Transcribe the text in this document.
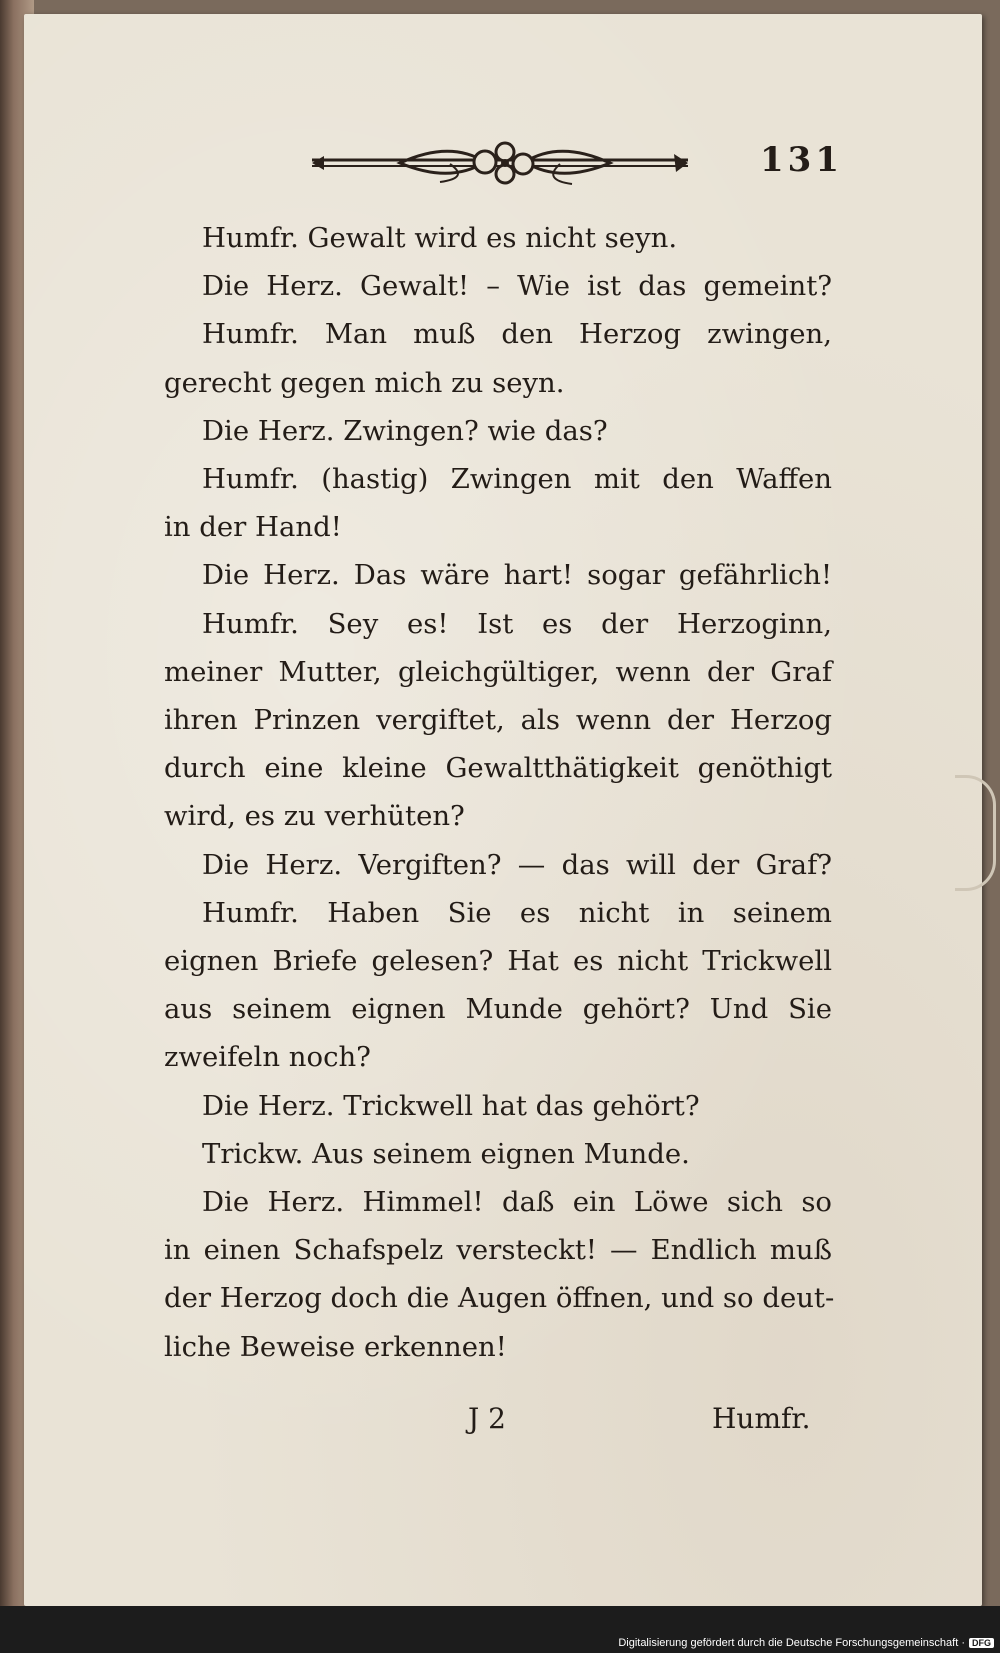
131
Humfr. Gewalt wird es nicht seyn.
Die Herz. Gewalt! – Wie ist das gemeint?
Humfr. Man muß den Herzog zwingen,
gerecht gegen mich zu seyn.
Die Herz. Zwingen? wie das?
Humfr. (hastig) Zwingen mit den Waffen
in der Hand!
Die Herz. Das wäre hart! sogar gefährlich!
Humfr. Sey es! Ist es der Herzoginn,
meiner Mutter, gleichgültiger, wenn der Graf
ihren Prinzen vergiftet, als wenn der Herzog
durch eine kleine Gewaltthätigkeit genöthigt
wird, es zu verhüten?
Die Herz. Vergiften? — das will der Graf?
Humfr. Haben Sie es nicht in seinem
eignen Briefe gelesen? Hat es nicht Trickwell
aus seinem eignen Munde gehört? Und Sie
zweifeln noch?
Die Herz. Trickwell hat das gehört?
Trickw. Aus seinem eignen Munde.
Die Herz. Himmel! daß ein Löwe sich so
in einen Schafspelz versteckt! — Endlich muß
der Herzog doch die Augen öffnen, und so deut-
liche Beweise erkennen!
J 2	Humfr.
Digitalisierung gefördert durch die Deutsche Forschungsgemeinschaft · DFG
